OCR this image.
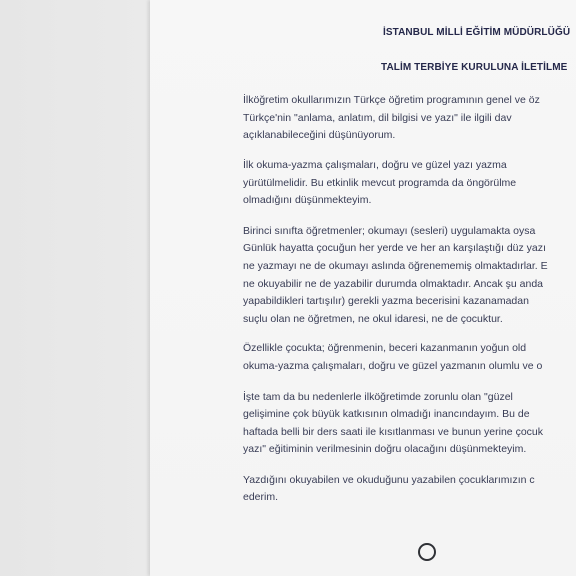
İSTANBUL MİLLİ EĞİTİM MÜDÜRLÜĞÜ

TALİM TERBİYE KURULUNA İLETİLME

İlköğretim okullarımızın Türkçe öğretim programının genel ve öz
Türkçe'nin "anlama, anlatım, dil bilgisi ve yazı" ile ilgili dav
açıklanabileceğini düşünüyorum.
İlk okuma-yazma çalışmaları, doğru ve güzel yazı yazma
yürütülmelidir. Bu etkinlik mevcut programda da öngörülme
olmadığını düşünmekteyim.
Birinci sınıfta öğretmenler; okumayı (sesleri) uygulamakta oysa
Günlük hayatta çocuğun her yerde ve her an karşılaştığı düz yazı
ne yazmayı ne de okumayı aslında öğrenememiş olmaktadırlar. E
ne okuyabilir ne de yazabilir durumda olmaktadır. Ancak şu anda
yapabildikleri tartışılır) gerekli yazma becerisini kazanamadan
suçlu olan ne öğretmen, ne okul idaresi, ne de çocuktur.
Özellikle çocukta; öğrenmenin, beceri kazanmanın yoğun old
okuma-yazma çalışmaları, doğru ve güzel yazmanın olumlu ve o
İşte tam da bu nedenlerle ilköğretimde zorunlu olan "güzel
gelişimine çok büyük katkısının olmadığı inancındayım. Bu de
haftada belli bir ders saati ile kısıtlanması ve bunun yerine çocuk
yazı" eğitiminin verilmesinin doğru olacağını düşünmekteyim.
Yazdığını okuyabilen ve okuduğunu yazabilen çocuklarımızın c
ederim.
